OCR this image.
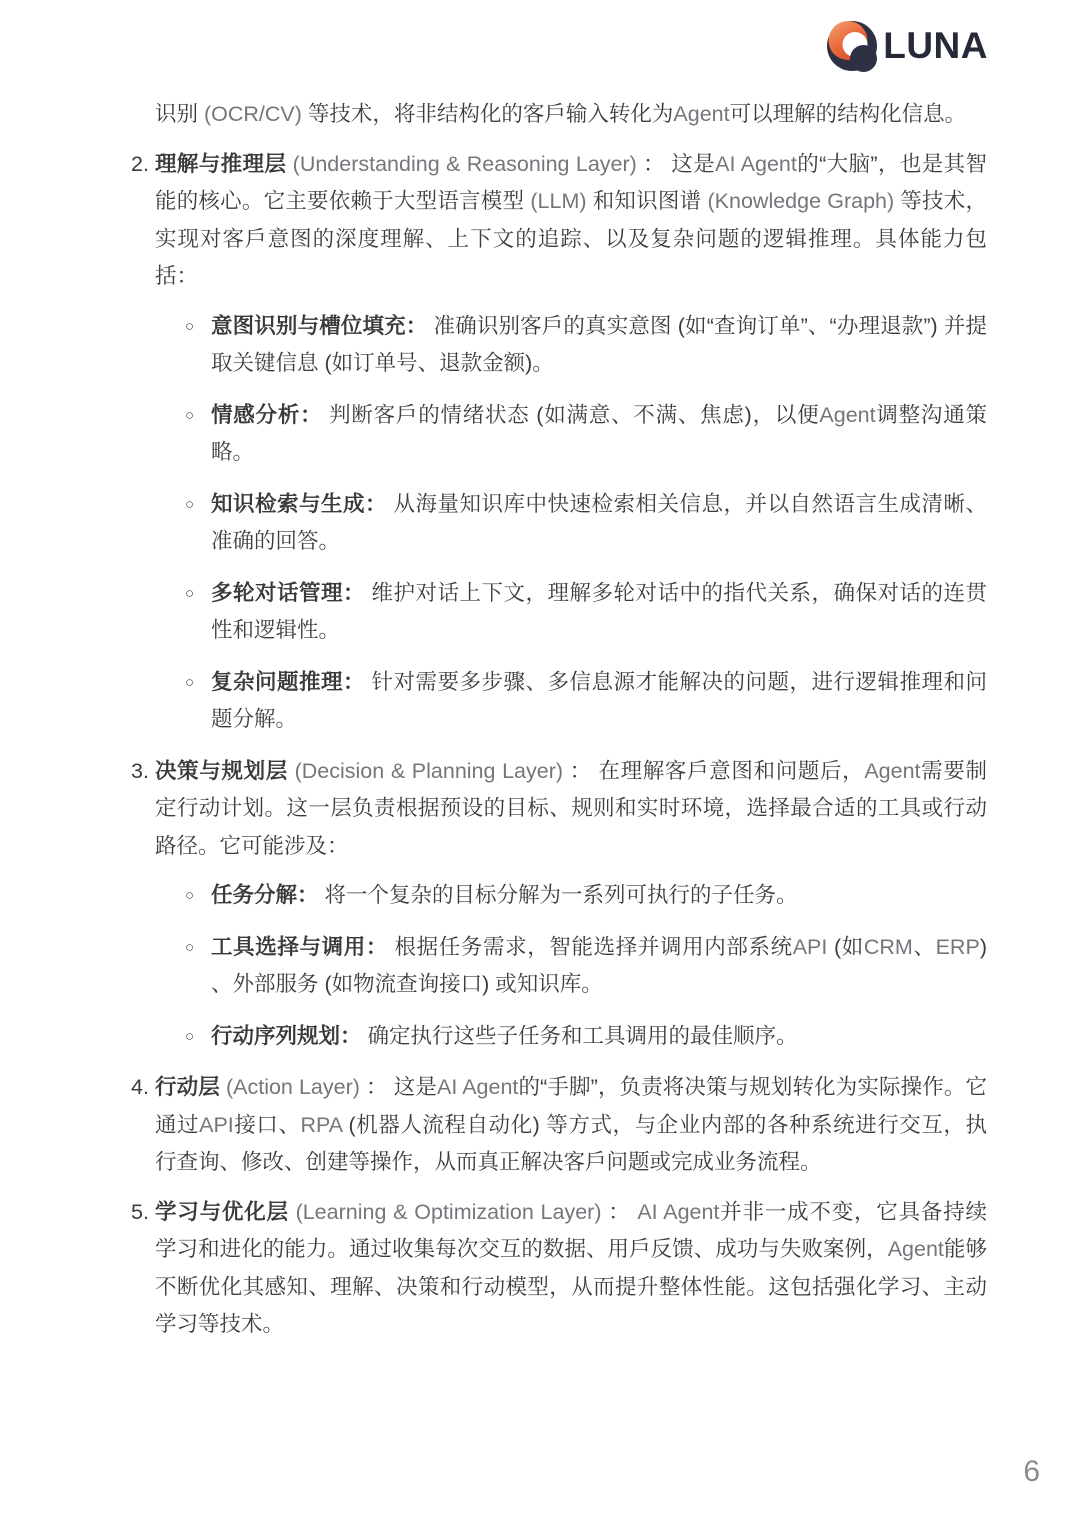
LUNA
识别 (OCR/CV) 等技术，将非结构化的客戶输入转化为Agent可以理解的结构化信息。
2. 理解与推理层 (Understanding & Reasoning Layer) ： 这是AI Agent的“大脑”，也是其智能的核心。它主要依赖于大型语言模型 (LLM) 和知识图谱 (Knowledge Graph) 等技术，实现对客戶意图的深度理解、上下文的追踪、以及复杂问题的逻辑推理。具体能力包括：
○ 意图识别与槽位填充： 准确识别客戶的真实意图 (如“查询订单”、“办理退款”) 并提取关键信息 (如订单号、退款金额)。
○ 情感分析： 判断客戶的情绪状态 (如满意、不满、焦虑)，以便Agent调整沟通策略。
○ 知识检索与生成： 从海量知识库中快速检索相关信息，并以自然语言生成清晰、准确的回答。
○ 多轮对话管理： 维护对话上下文，理解多轮对话中的指代关系，确保对话的连贯性和逻辑性。
○ 复杂问题推理： 针对需要多步骤、多信息源才能解决的问题，进行逻辑推理和问题分解。
3. 决策与规划层 (Decision & Planning Layer) ： 在理解客戶意图和问题后，Agent需要制定行动计划。这一层负责根据预设的目标、规则和实时环境，选择最合适的工具或行动路径。它可能涉及：
○ 任务分解： 将一个复杂的目标分解为一系列可执行的子任务。
○ 工具选择与调用： 根据任务需求，智能选择并调用内部系统API (如CRM、ERP) 、外部服务 (如物流查询接口) 或知识库。
○ 行动序列规划： 确定执行这些子任务和工具调用的最佳顺序。
4. 行动层 (Action Layer) ： 这是AI Agent的“手脚”，负责将决策与规划转化为实际操作。它通过API接口、RPA (机器人流程自动化) 等方式，与企业内部的各种系统进行交互，执行查询、修改、创建等操作，从而真正解决客戶问题或完成业务流程。
5. 学习与优化层 (Learning & Optimization Layer) ： AI Agent并非一成不变，它具备持续学习和进化的能力。通过收集每次交互的数据、用戶反馈、成功与失败案例，Agent能够不断优化其感知、理解、决策和行动模型，从而提升整体性能。这包括强化学习、主动学习等技术。
6
